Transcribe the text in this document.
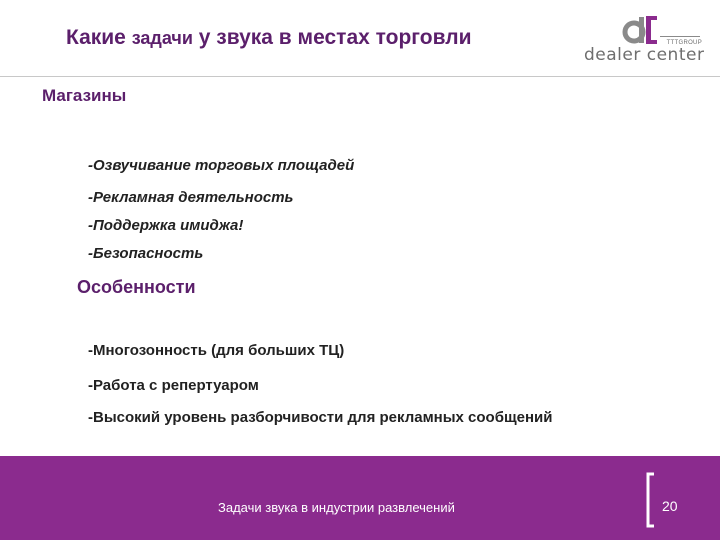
Какие задачи у звука в местах торговли	TTTGROUP
dealer center
Магазины
-Озвучивание торговых площадей
-Рекламная деятельность
-Поддержка имиджа!
-Безопасность
Особенности
-Многозонность (для больших ТЦ)
-Работа с репертуаром
-Высокий уровень разборчивости для рекламных сообщений
Задачи звука в индустрии развлечений	20
